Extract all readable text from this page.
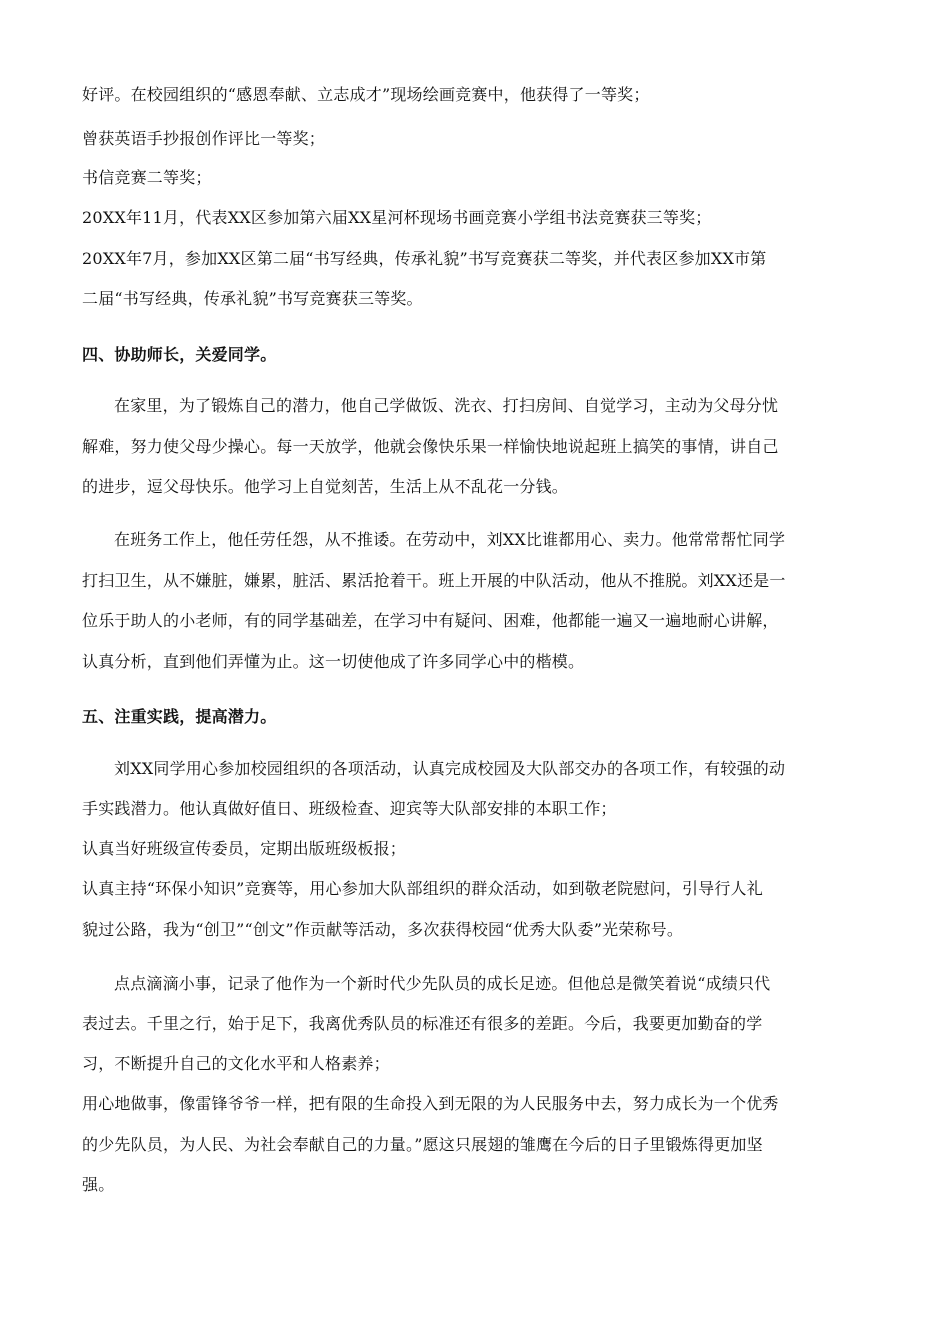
好评。在校园组织的“感恩奉献、立志成才”现场绘画竞赛中，他获得了一等奖；
曾获英语手抄报创作评比一等奖；
书信竞赛二等奖；
20XX年11月，代表XX区参加第六届XX星河杯现场书画竞赛小学组书法竞赛获三等奖；
20XX年7月，参加XX区第二届“书写经典，传承礼貌”书写竞赛获二等奖，并代表区参加XX市第
二届“书写经典，传承礼貌”书写竞赛获三等奖。
四、协助师长，关爱同学。
在家里，为了锻炼自己的潜力，他自己学做饭、洗衣、打扫房间、自觉学习，主动为父母分忧
解难，努力使父母少操心。每一天放学，他就会像快乐果一样愉快地说起班上搞笑的事情，讲自己
的进步，逗父母快乐。他学习上自觉刻苦，生活上从不乱花一分钱。
在班务工作上，他任劳任怨，从不推诿。在劳动中，刘XX比谁都用心、卖力。他常常帮忙同学
打扫卫生，从不嫌脏，嫌累，脏活、累活抢着干。班上开展的中队活动，他从不推脱。刘XX还是一
位乐于助人的小老师，有的同学基础差，在学习中有疑问、困难，他都能一遍又一遍地耐心讲解，
认真分析，直到他们弄懂为止。这一切使他成了许多同学心中的楷模。
五、注重实践，提高潜力。
刘XX同学用心参加校园组织的各项活动，认真完成校园及大队部交办的各项工作，有较强的动
手实践潜力。他认真做好值日、班级检查、迎宾等大队部安排的本职工作；
认真当好班级宣传委员，定期出版班级板报；
认真主持“环保小知识”竞赛等，用心参加大队部组织的群众活动，如到敬老院慰问，引导行人礼
貌过公路，我为“创卫”“创文”作贡献等活动，多次获得校园“优秀大队委”光荣称号。
点点滴滴小事，记录了他作为一个新时代少先队员的成长足迹。但他总是微笑着说“成绩只代
表过去。千里之行，始于足下，我离优秀队员的标准还有很多的差距。今后，我要更加勤奋的学
习，不断提升自己的文化水平和人格素养；
用心地做事，像雷锋爷爷一样，把有限的生命投入到无限的为人民服务中去，努力成长为一个优秀
的少先队员，为人民、为社会奉献自己的力量。”愿这只展翅的雏鹰在今后的日子里锻炼得更加坚
强。
